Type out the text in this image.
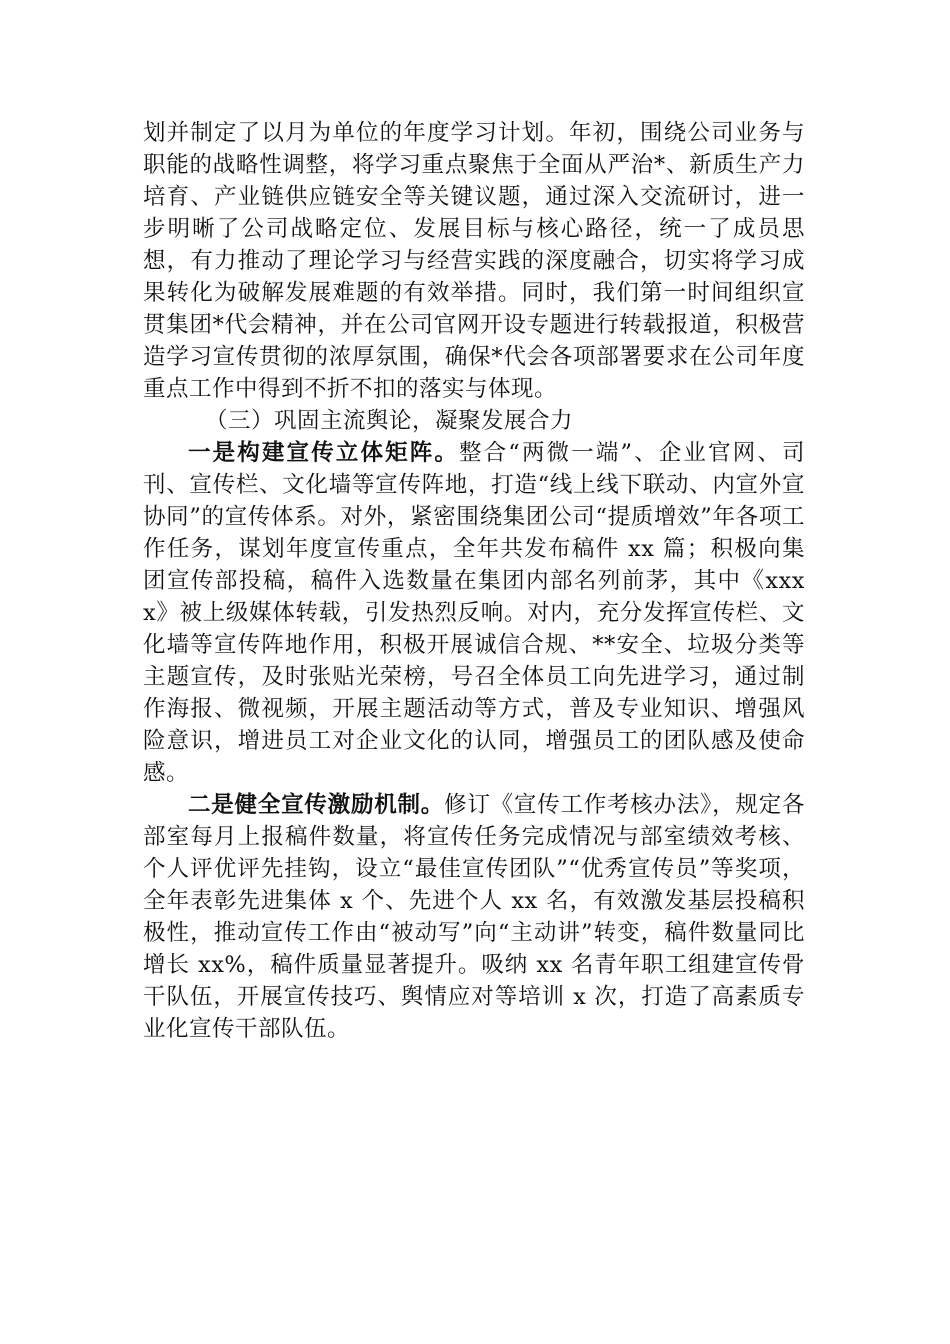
划并制定了以月为单位的年度学习计划。年初，围绕公司业务与职能的战略性调整，将学习重点聚焦于全面从严治*、新质生产力培育、产业链供应链安全等关键议题，通过深入交流研讨，进一步明晰了公司战略定位、发展目标与核心路径，统一了成员思想，有力推动了理论学习与经营实践的深度融合，切实将学习成果转化为破解发展难题的有效举措。同时，我们第一时间组织宣贯集团*代会精神，并在公司官网开设专题进行转载报道，积极营造学习宣传贯彻的浓厚氛围，确保*代会各项部署要求在公司年度重点工作中得到不折不扣的落实与体现。

（三）巩固主流舆论，凝聚发展合力

一是构建宣传立体矩阵。整合“两微一端”、企业官网、司刊、宣传栏、文化墙等宣传阵地，打造“线上线下联动、内宣外宣协同”的宣传体系。对外，紧密围绕集团公司“提质增效”年各项工作任务，谋划年度宣传重点，全年共发布稿件 xx 篇；积极向集团宣传部投稿，稿件入选数量在集团内部名列前茅，其中《xxxx》被上级媒体转载，引发热烈反响。对内，充分发挥宣传栏、文化墙等宣传阵地作用，积极开展诚信合规、**安全、垃圾分类等主题宣传，及时张贴光荣榜，号召全体员工向先进学习，通过制作海报、微视频，开展主题活动等方式，普及专业知识、增强风险意识，增进员工对企业文化的认同，增强员工的团队感及使命感。

二是健全宣传激励机制。修订《宣传工作考核办法》，规定各部室每月上报稿件数量，将宣传任务完成情况与部室绩效考核、个人评优评先挂钩，设立“最佳宣传团队”“优秀宣传员”等奖项，全年表彰先进集体 x 个、先进个人 xx 名，有效激发基层投稿积极性，推动宣传工作由“被动写”向“主动讲”转变，稿件数量同比增长 xx%，稿件质量显著提升。吸纳 xx 名青年职工组建宣传骨干队伍，开展宣传技巧、舆情应对等培训 x 次，打造了高素质专业化宣传干部队伍。
